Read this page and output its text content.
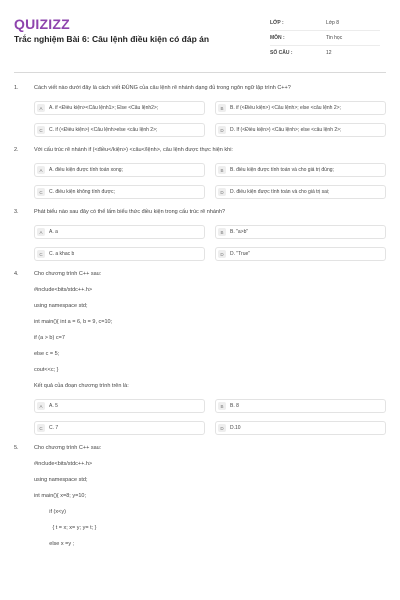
QUIZIZZ
Trắc nghiệm Bài 6: Câu lệnh điều kiện có đáp án
LỚP :	Lớp 8
MÔN :	Tin học
SỐ CÂU :	12
1.	Cách viết nào dưới đây là cách viết ĐÚNG của câu lệnh rẽ nhánh dạng đủ trong ngôn ngữ lập trình C++?
A	A. if <Điều kiện><Câu lệnh1>; Else <Câu lệnh2>;	B	B. if (<Điều kiện>) <Câu lệnh>; else <câu lệnh 2>;
C	C. if (<Điều kiện>) <Câu lệnh>else <câu lệnh 2>;	D	D. If (<Điều kiện>) <Câu lệnh>; else <câu lệnh 2>;
2.	Với cấu trúc rẽ nhánh if (<điều</kiện>) <câu</lệnh>, câu lệnh được thực hiện khi:
A	A. điều kiện được tính toán xong;	B	B. điều kiện được tính toán và cho giá trị đúng;
C	C. điều kiện không tính được;	D	D. điều kiện được tính toán và cho giá trị sai;
3.	Phát biểu nào sau đây có thể lấm biểu thức điều kiện trong cấu trúc rẽ nhánh?
A	A. a	B	B. "a>b"
C	C. a khac b	D	D. "True"
4.	Cho chương trình C++ sau:
#include<bits/stdc++.h>
using namespace std;
int main(){ int a = 6, b = 9, c=10;
if (a > b) c=7
else c = 5;
cout<<c; }
Kết quả của đoạn chương trình trên là:
A	A. 5	B	B. 8
C	C. 7	D	D.10
5.	Cho chương trình C++ sau:
#include<bits/stdc++.h>
using namespace std;
int main(){ x=8; y=10;
if (x<y)
{ t = x; x= y; y= t; }
else x =y ;
